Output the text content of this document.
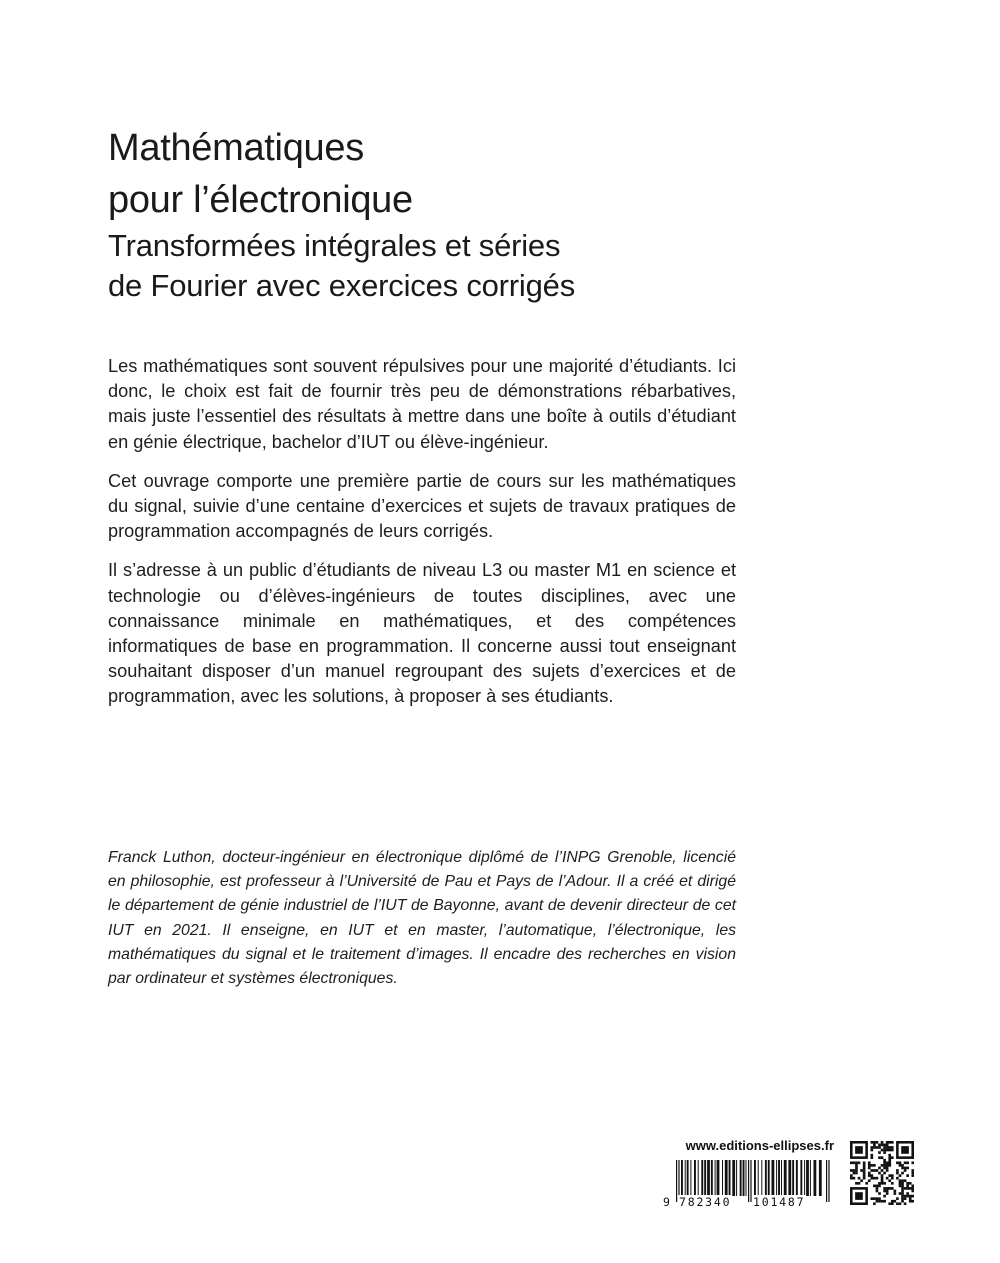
Mathématiques
pour l’électronique
Transformées intégrales et séries
de Fourier avec exercices corrigés

Les mathématiques sont souvent répulsives pour une majorité d’étudiants. Ici donc, le choix est fait de fournir très peu de démonstrations rébarbatives, mais juste l’essentiel des résultats à mettre dans une boîte à outils d’étudiant en génie électrique, bachelor d’IUT ou élève-ingénieur.

Cet ouvrage comporte une première partie de cours sur les mathématiques du signal, suivie d’une centaine d’exercices et sujets de travaux pratiques de programmation accompagnés de leurs corrigés.

Il s’adresse à un public d’étudiants de niveau L3 ou master M1 en science et technologie ou d’élèves-ingénieurs de toutes disciplines, avec une connaissance minimale en mathématiques, et des compétences informatiques de base en programmation. Il concerne aussi tout enseignant souhaitant disposer d’un manuel regroupant des sujets d’exercices et de programmation, avec les solutions, à proposer à ses étudiants.

Franck Luthon, docteur-ingénieur en électronique diplômé de l’INPG Grenoble, licencié en philosophie, est professeur à l’Université de Pau et Pays de l’Adour. Il a créé et dirigé le département de génie industriel de l’IUT de Bayonne, avant de devenir directeur de cet IUT en 2021. Il enseigne, en IUT et en master, l’automatique, l’électronique, les mathématiques du signal et le traitement d’images. Il encadre des recherches en vision par ordinateur et systèmes électroniques.

www.editions-ellipses.fr
9 782340 101487
